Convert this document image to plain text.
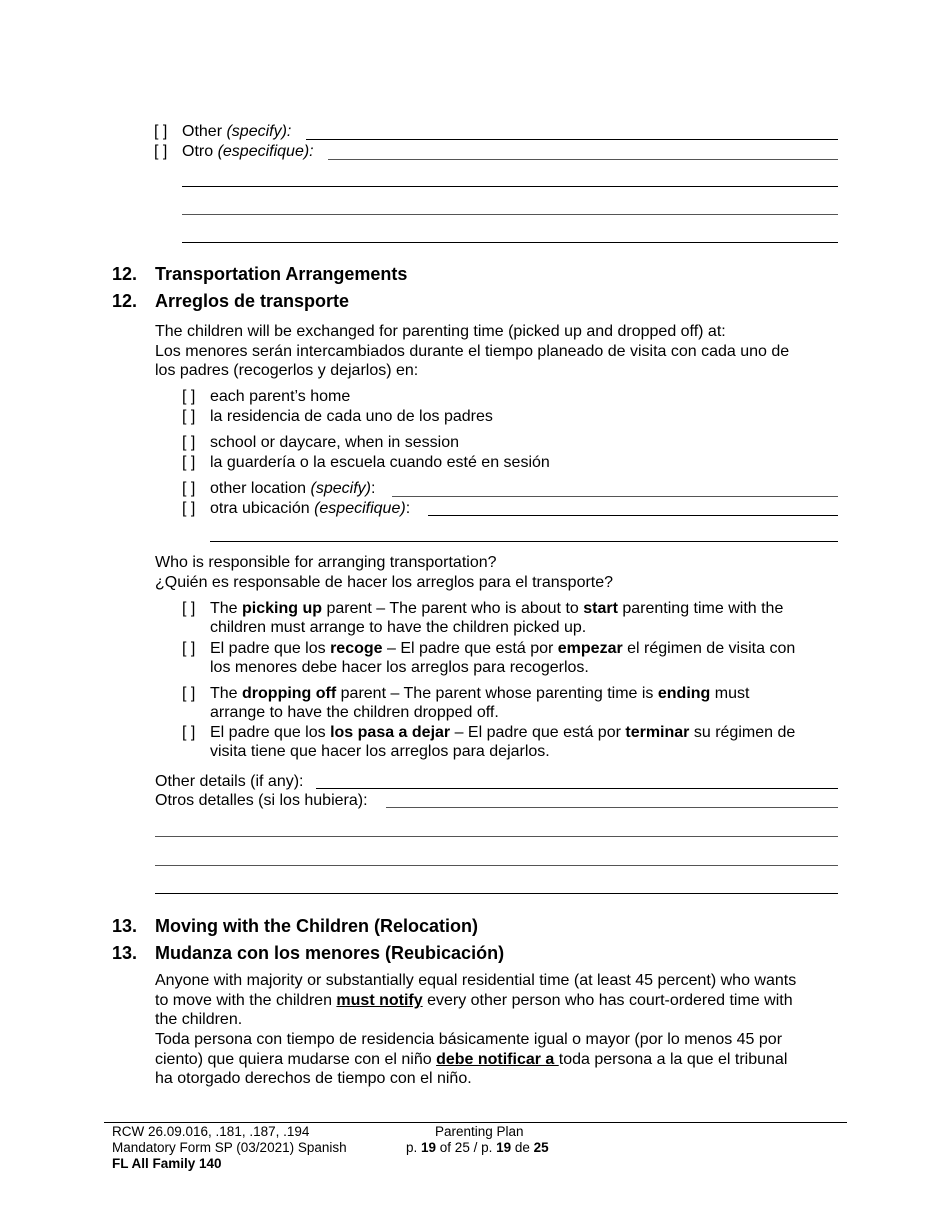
[ ] Other (specify):
[ ] Otro (especifique):
12. Transportation Arrangements
12. Arreglos de transporte
The children will be exchanged for parenting time (picked up and dropped off) at:
Los menores serán intercambiados durante el tiempo planeado de visita con cada uno de
los padres (recogerlos y dejarlos) en:
[ ] each parent’s home
[ ] la residencia de cada uno de los padres
[ ] school or daycare, when in session
[ ] la guardería o la escuela cuando esté en sesión
[ ] other location (specify):
[ ] otra ubicación (especifique):
Who is responsible for arranging transportation?
¿Quién es responsable de hacer los arreglos para el transporte?
[ ] The picking up parent – The parent who is about to start parenting time with the
children must arrange to have the children picked up.
[ ] El padre que los recoge – El padre que está por empezar el régimen de visita con
los menores debe hacer los arreglos para recogerlos.
[ ] The dropping off parent – The parent whose parenting time is ending must
arrange to have the children dropped off.
[ ] El padre que los los pasa a dejar – El padre que está por terminar su régimen de
visita tiene que hacer los arreglos para dejarlos.
Other details (if any):
Otros detalles (si los hubiera):
13. Moving with the Children (Relocation)
13. Mudanza con los menores (Reubicación)
Anyone with majority or substantially equal residential time (at least 45 percent) who wants
to move with the children must notify every other person who has court-ordered time with
the children.
Toda persona con tiempo de residencia básicamente igual o mayor (por lo menos 45 por
ciento) que quiera mudarse con el niño debe notificar a toda persona a la que el tribunal
ha otorgado derechos de tiempo con el niño.
RCW 26.09.016, .181, .187, .194
Mandatory Form SP (03/2021) Spanish
FL All Family 140
Parenting Plan
p. 19 of 25 / p. 19 de 25
